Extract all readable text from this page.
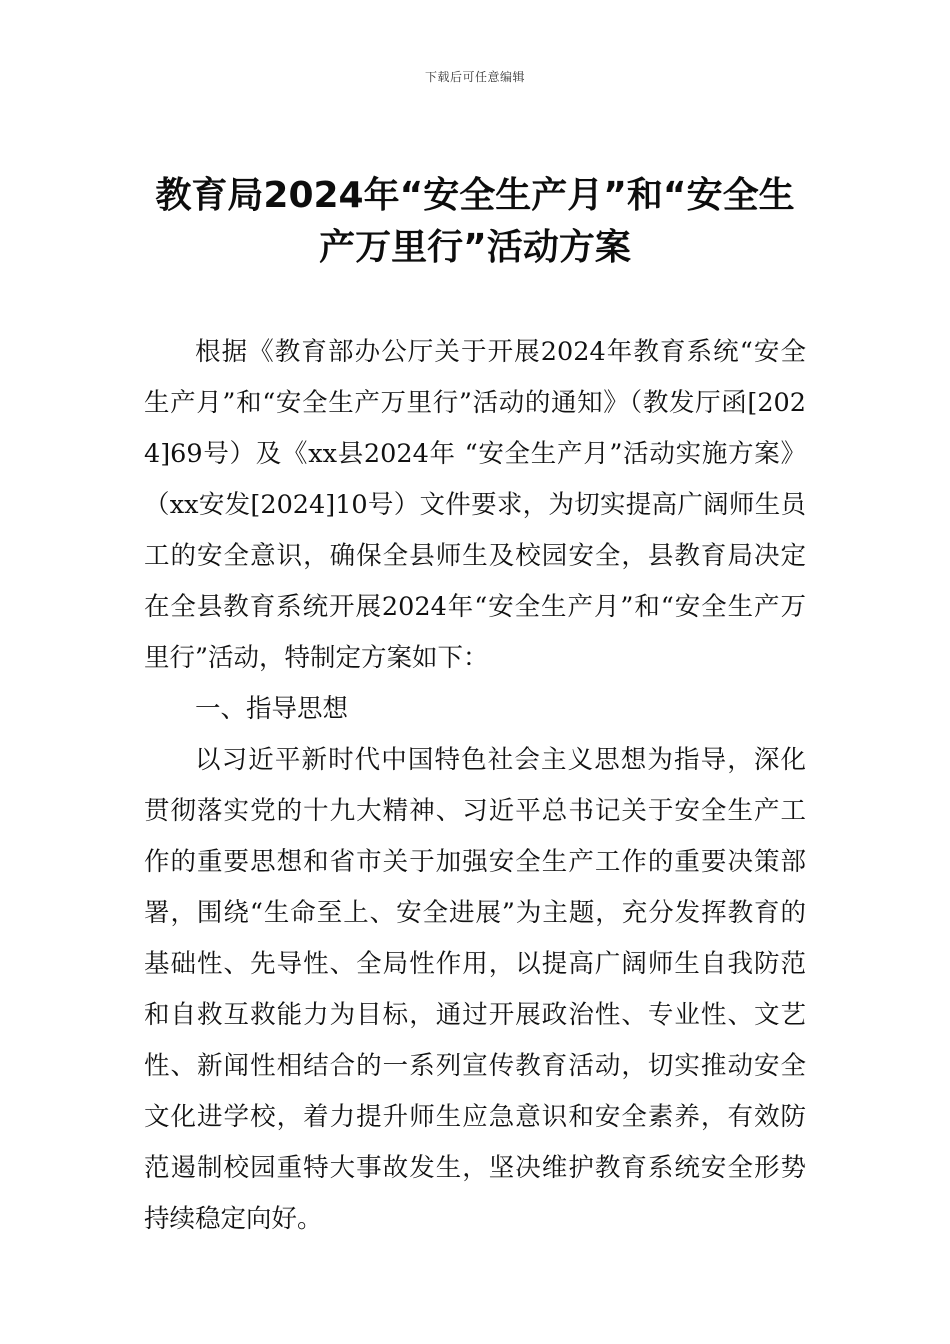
下载后可任意编辑
教育局2024年“安全生产月”和“安全生
产万里行”活动方案

根据《教育部办公厅关于开展2024年教育系统“安全生产月”和“安全生产万里行”活动的通知》（教发厅函[2024]69号）及《xx县2024年 “安全生产月”活动实施方案》（xx安发[2024]10号）文件要求，为切实提高广阔师生员工的安全意识，确保全县师生及校园安全，县教育局决定在全县教育系统开展2024年“安全生产月”和“安全生产万里行”活动，特制定方案如下：

一、指导思想

以习近平新时代中国特色社会主义思想为指导，深化贯彻落实党的十九大精神、习近平总书记关于安全生产工作的重要思想和省市关于加强安全生产工作的重要决策部署，围绕“生命至上、安全进展”为主题，充分发挥教育的基础性、先导性、全局性作用，以提高广阔师生自我防范和自救互救能力为目标，通过开展政治性、专业性、文艺性、新闻性相结合的一系列宣传教育活动，切实推动安全文化进学校，着力提升师生应急意识和安全素养，有效防范遏制校园重特大事故发生，坚决维护教育系统安全形势持续稳定向好。
